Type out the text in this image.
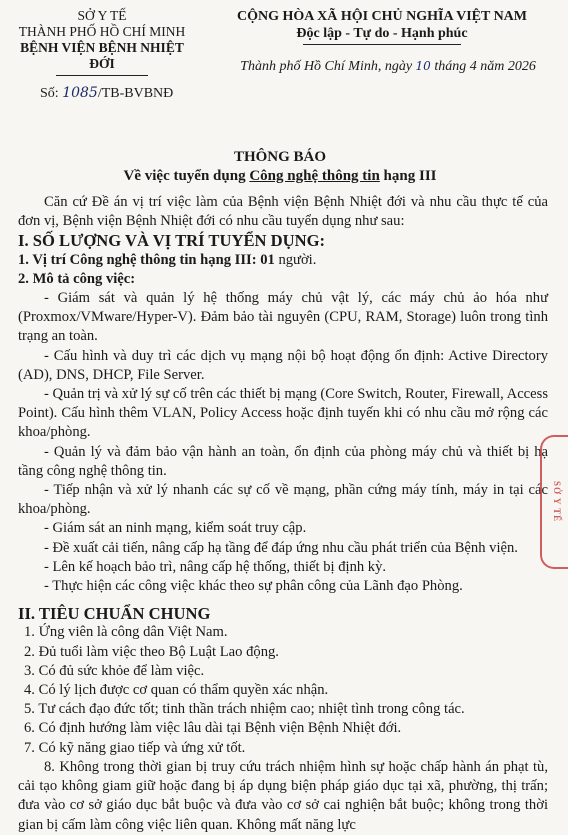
SỞ Y TẾ
THÀNH PHỐ HỒ CHÍ MINH
BỆNH VIỆN BỆNH NHIỆT ĐỚI
CỘNG HÒA XÃ HỘI CHỦ NGHĨA VIỆT NAM
Độc lập - Tự do - Hạnh phúc
Thành phố Hồ Chí Minh, ngày 10 tháng 4 năm 2026
Số: 1085/TB-BVBNĐ
THÔNG BÁO
Về việc tuyển dụng Công nghệ thông tin hạng III

Căn cứ Đề án vị trí việc làm của Bệnh viện Bệnh Nhiệt đới và nhu cầu thực tế của đơn vị, Bệnh viện Bệnh Nhiệt đới có nhu cầu tuyển dụng như sau:

I. SỐ LƯỢNG VÀ VỊ TRÍ TUYỂN DỤNG:

1. Vị trí Công nghệ thông tin hạng III: 01 người.

2. Mô tả công việc:

- Giám sát và quản lý hệ thống máy chủ vật lý, các máy chủ ảo hóa như (Proxmox/VMware/Hyper-V). Đảm bảo tài nguyên (CPU, RAM, Storage) luôn trong tình trạng an toàn.

- Cấu hình và duy trì các dịch vụ mạng nội bộ hoạt động ổn định: Active Directory (AD), DNS, DHCP, File Server.

- Quản trị và xử lý sự cố trên các thiết bị mạng (Core Switch, Router, Firewall, Access Point). Cấu hình thêm VLAN, Policy Access hoặc định tuyến khi có nhu cầu mở rộng các khoa/phòng.

- Quản lý và đảm bảo vận hành an toàn, ổn định của phòng máy chủ và thiết bị hạ tầng công nghệ thông tin.

- Tiếp nhận và xử lý nhanh các sự cố về mạng, phần cứng máy tính, máy in tại các khoa/phòng.

- Giám sát an ninh mạng, kiểm soát truy cập.

- Đề xuất cải tiến, nâng cấp hạ tầng để đáp ứng nhu cầu phát triển của Bệnh viện.

- Lên kế hoạch bảo trì, nâng cấp hệ thống, thiết bị định kỳ.

- Thực hiện các công việc khác theo sự phân công của Lãnh đạo Phòng.

II. TIÊU CHUẨN CHUNG

1. Ứng viên là công dân Việt Nam.

2. Đủ tuổi làm việc theo Bộ Luật Lao động.

3. Có đủ sức khỏe để làm việc.

4. Có lý lịch được cơ quan có thẩm quyền xác nhận.

5. Tư cách đạo đức tốt; tinh thần trách nhiệm cao; nhiệt tình trong công tác.

6. Có định hướng làm việc lâu dài tại Bệnh viện Bệnh Nhiệt đới.

7. Có kỹ năng giao tiếp và ứng xử tốt.

8. Không trong thời gian bị truy cứu trách nhiệm hình sự hoặc chấp hành án phạt tù, cải tạo không giam giữ hoặc đang bị áp dụng biện pháp giáo dục tại xã, phường, thị trấn; đưa vào cơ sở giáo dục bắt buộc và đưa vào cơ sở cai nghiện bắt buộc; không trong thời gian bị cấm làm công việc liên quan. Không mất năng lực

SỞ Y TẾ
